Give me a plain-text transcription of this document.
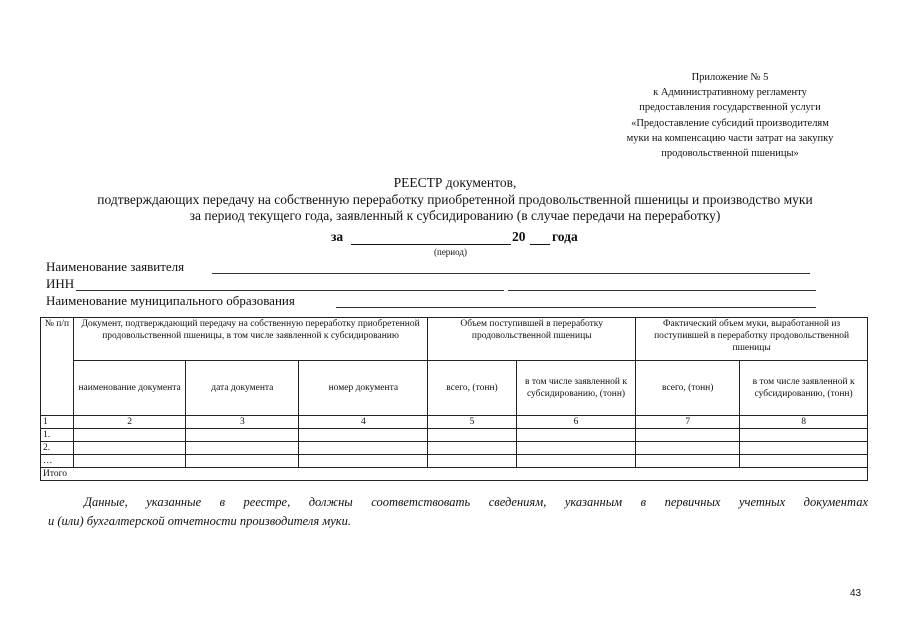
Приложение № 5
к Административному регламенту
предоставления государственной услуги
«Предоставление субсидий производителям
муки на компенсацию части затрат на закупку
продовольственной пшеницы»
РЕЕСТР документов,
подтверждающих передачу на собственную переработку приобретенной продовольственной пшеницы и производство муки
за период текущего года, заявленный к субсидированию (в случае передачи на переработку)
за	20 года
(период)
Наименование заявителя
ИНН
Наименование муниципального образования
№ п/п	Документ, подтверждающий передачу на собственную переработку приобретенной продовольственной пшеницы, в том числе заявленной к субсидированию			Объем поступившей в переработку продовольственной пшеницы		Фактический объем муки, выработанной из поступившей в переработку продовольственной пшеницы	
	наименование документа	дата документа	номер документа	всего, (тонн)	в том числе заявленной к субсидированию, (тонн)	всего, (тонн)	в том числе заявленной к субсидированию, (тонн)
1	2	3	4	5	6	7	8
1.							
2.							
…							
Итого							
Данные, указанные в реестре, должны соответствовать сведениям, указанным в первичных учетных документах
и (или) бухгалтерской отчетности производителя муки.
43
